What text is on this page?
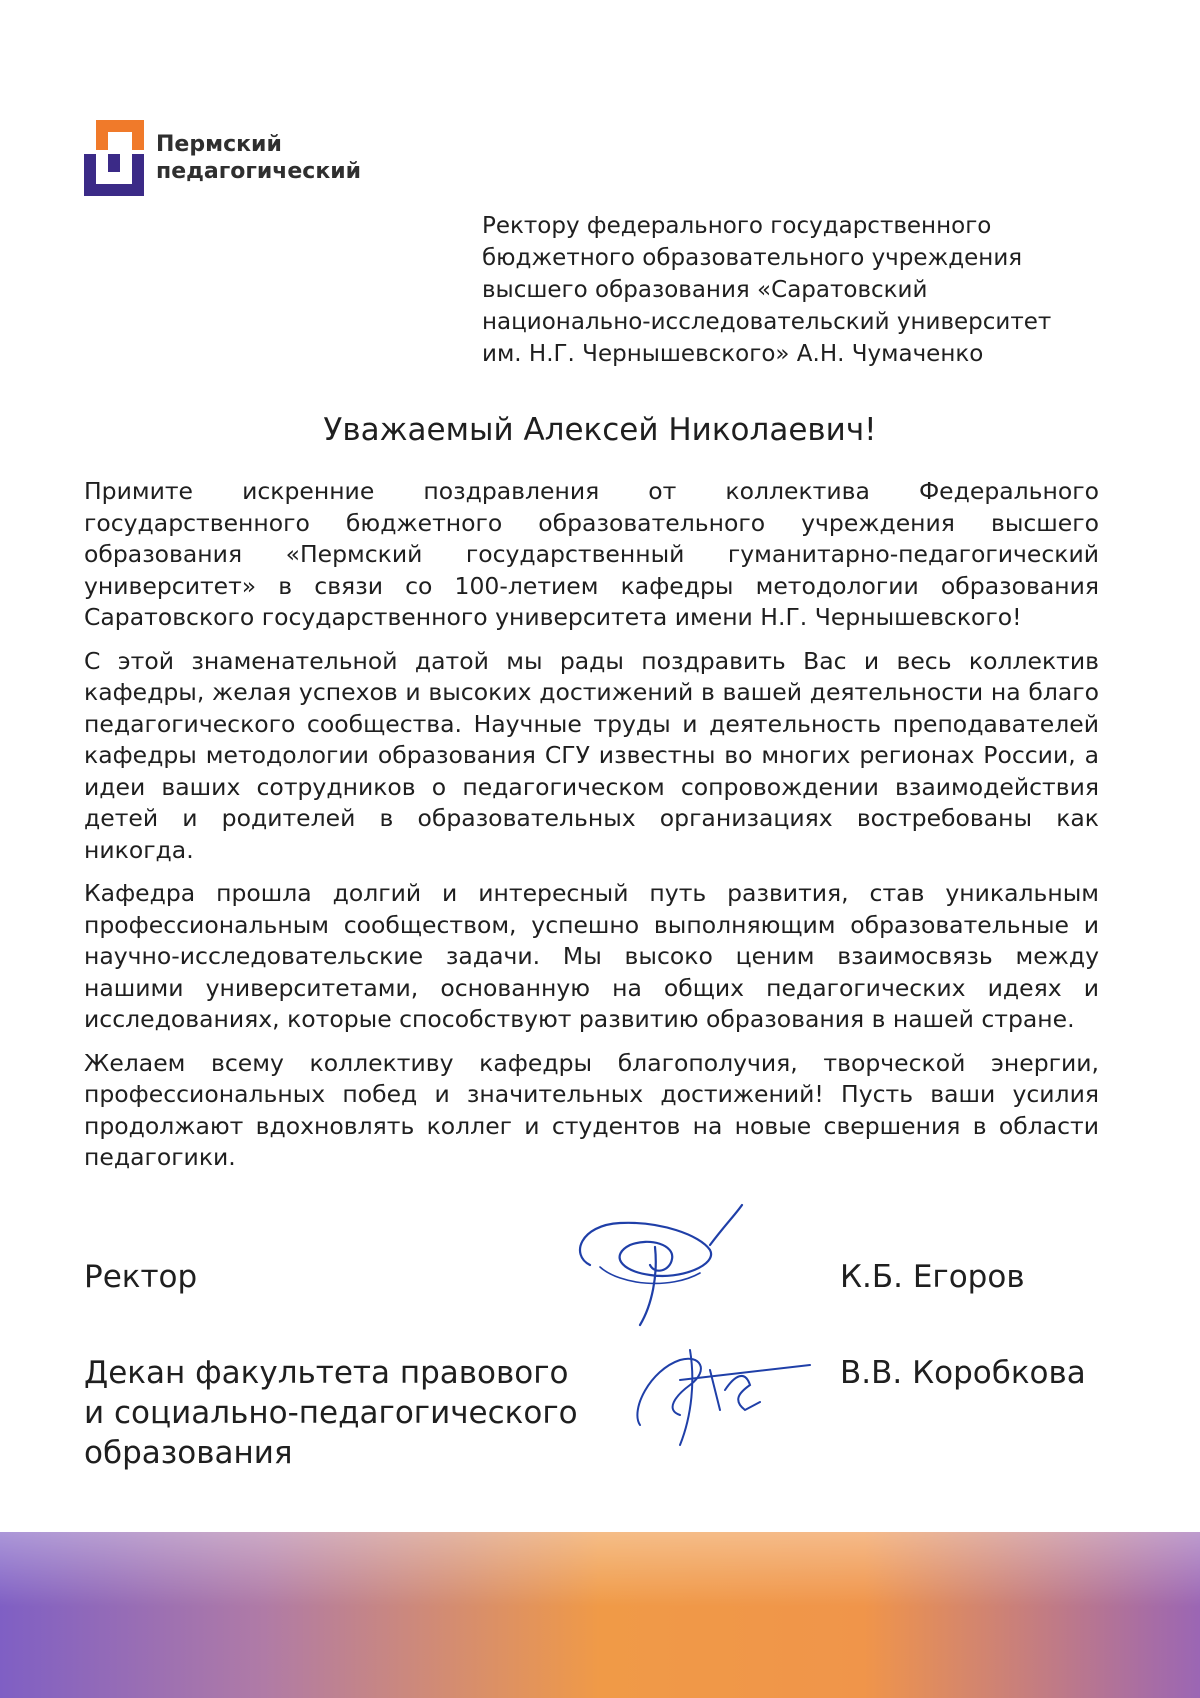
Пермский
педагогический
Ректору федерального государственного
бюджетного образовательного учреждения
высшего образования «Саратовский
национально-исследовательский университет
им. Н.Г. Чернышевского» А.Н. Чумаченко
Уважаемый Алексей Николаевич!

Примите искренние поздравления от коллектива Федерального государственного бюджетного образовательного учреждения высшего образования «Пермский государственный гуманитарно-педагогический университет» в связи со 100-летием кафедры методологии образования Саратовского государственного университета имени Н.Г. Чернышевского!

С этой знаменательной датой мы рады поздравить Вас и весь коллектив кафедры, желая успехов и высоких достижений в вашей деятельности на благо педагогического сообщества. Научные труды и деятельность преподавателей кафедры методологии образования СГУ известны во многих регионах России, а идеи ваших сотрудников о педагогическом сопровождении взаимодействия детей и родителей в образовательных организациях востребованы как никогда.

Кафедра прошла долгий и интересный путь развития, став уникальным профессиональным сообществом, успешно выполняющим образовательные и научно-исследовательские задачи. Мы высоко ценим взаимосвязь между нашими университетами, основанную на общих педагогических идеях и исследованиях, которые способствуют развитию образования в нашей стране.

Желаем всему коллективу кафедры благополучия, творческой энергии, профессиональных побед и значительных достижений! Пусть ваши усилия продолжают вдохновлять коллег и студентов на новые свершения в области педагогики.

Ректор	К.Б. Егоров
Декан факультета правового
и социально-педагогического
образования
В.В. Коробкова
